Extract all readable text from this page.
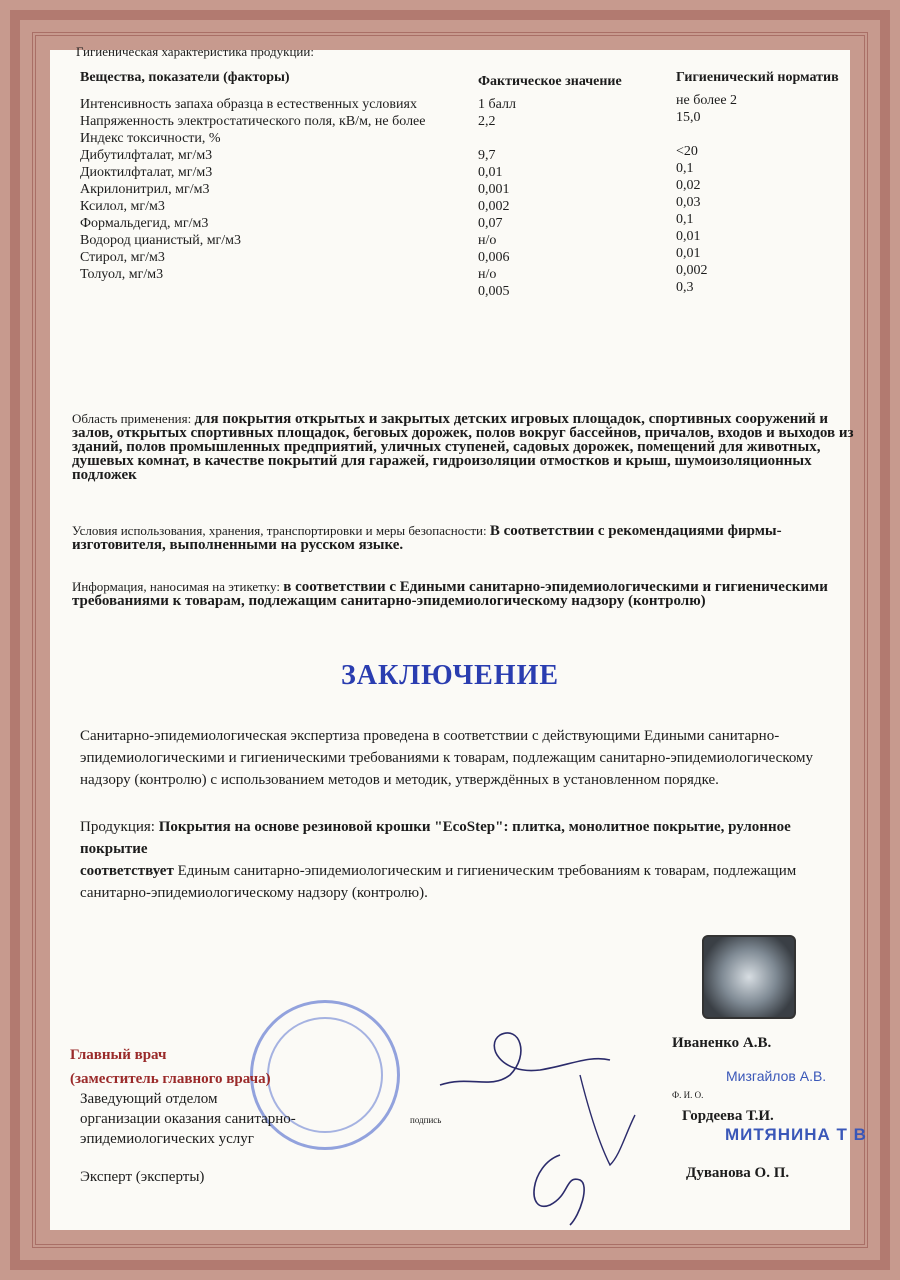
Гигиеническая характеристика продукции:
Вещества, показатели (факторы)	Фактическое значение	Гигиенический норматив
Интенсивность запаха образца в естественных условиях
Напряженность электростатического поля, кВ/м, не более
Индекс токсичности, %
Дибутилфталат, мг/м3
Диоктилфталат, мг/м3
Акрилонитрил, мг/м3
Ксилол, мг/м3
Формальдегид, мг/м3
Водород цианистый, мг/м3
Стирол, мг/м3
Толуол, мг/м3
1 балл
2,2
9,7
0,01
0,001
0,002
0,07
н/о
0,006
н/о
0,005
не более 2
15,0
<20
0,1
0,02
0,03
0,1
0,01
0,01
0,002
0,3
Область применения: для покрытия открытых и закрытых детских игровых площадок, спортивных сооружений и залов, открытых спортивных площадок, беговых дорожек, полов вокруг бассейнов, причалов, входов и выходов из зданий, полов промышленных предприятий, уличных ступеней, садовых дорожек, помещений для животных, душевых комнат, в качестве покрытий для гаражей, гидроизоляции отмостков и крыш, шумоизоляционных подложек
Условия использования, хранения, транспортировки и меры безопасности: В соответствии с рекомендациями фирмы-изготовителя, выполненными на русском языке.
Информация, наносимая на этикетку: в соответствии с Едиными санитарно-эпидемиологическими и гигиеническими требованиями к товарам, подлежащим санитарно-эпидемиологическому надзору (контролю)
ЗАКЛЮЧЕНИЕ
Санитарно-эпидемиологическая экспертиза проведена в соответствии с действующими Едиными санитарно-эпидемиологическими и гигиеническими требованиями к товарам, подлежащим санитарно-эпидемиологическому надзору (контролю) с использованием методов и методик, утверждённых в установленном порядке.
Продукция: Покрытия на основе резиновой крошки "EcoStep": плитка, монолитное покрытие, рулонное покрытие
соответствует Единым санитарно-эпидемиологическим и гигиеническим требованиям к товарам, подлежащим санитарно-эпидемиологическому надзору (контролю).
Главный врач
(заместитель главного врача)
Заведующий отделом
организации оказания санитарно-
эпидемиологических услуг
Эксперт (эксперты)
подпись
Иваненко А.В.
Мизгайлов А.В.
Ф. И. О.
Гордеева Т.И.
МИТЯНИНА Т В
Дуванова О. П.
